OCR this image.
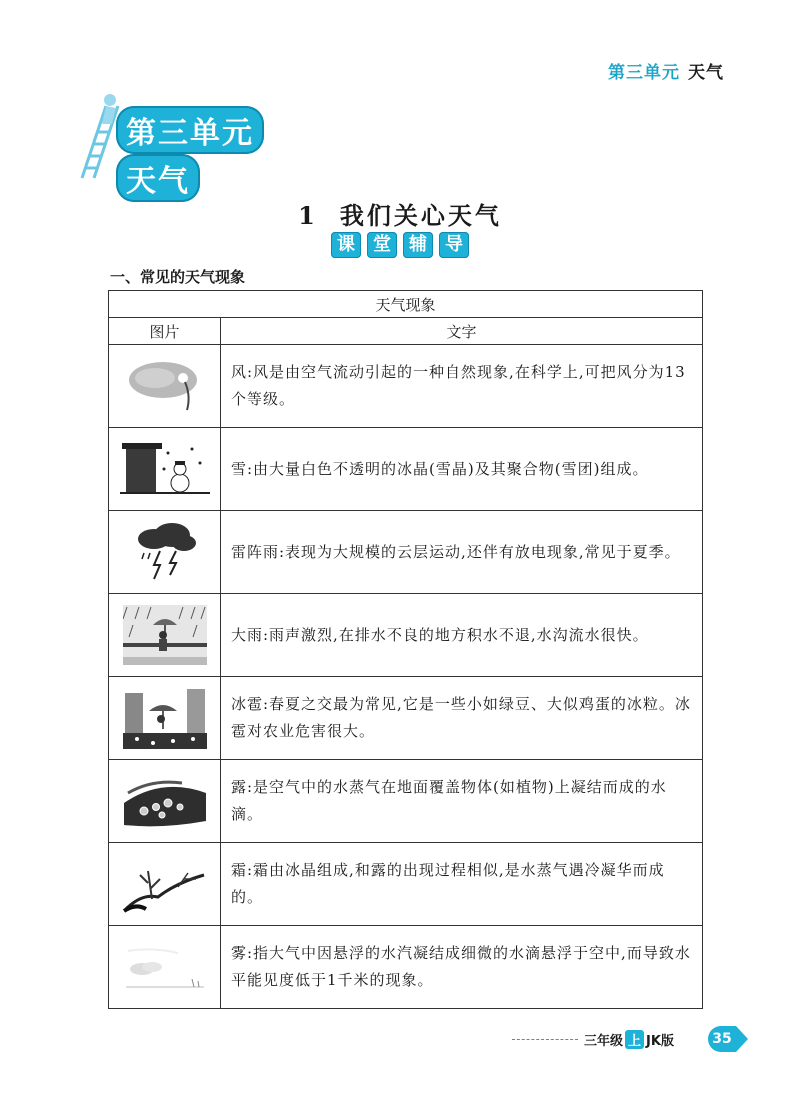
第三单元 天气
第三单元天气
1 我们关心天气
课 堂 辅 导
一、常见的天气现象
天气现象	
图片	文字

	风:风是由空气流动引起的一种自然现象,在科学上,可把风分为13个等级。

	雪:由大量白色不透明的冰晶(雪晶)及其聚合物(雪团)组成。

	雷阵雨:表现为大规模的云层运动,还伴有放电现象,常见于夏季。

	大雨:雨声激烈,在排水不良的地方积水不退,水沟流水很快。

	冰雹:春夏之交最为常见,它是一些小如绿豆、大似鸡蛋的冰粒。冰雹对农业危害很大。

	露:是空气中的水蒸气在地面覆盖物体(如植物)上凝结而成的水滴。

	霜:霜由冰晶组成,和露的出现过程相似,是水蒸气遇冷凝华而成的。

	雾:指大气中因悬浮的水汽凝结成细微的水滴悬浮于空中,而导致水平能见度低于1千米的现象。
三年级 上 JK版	35
